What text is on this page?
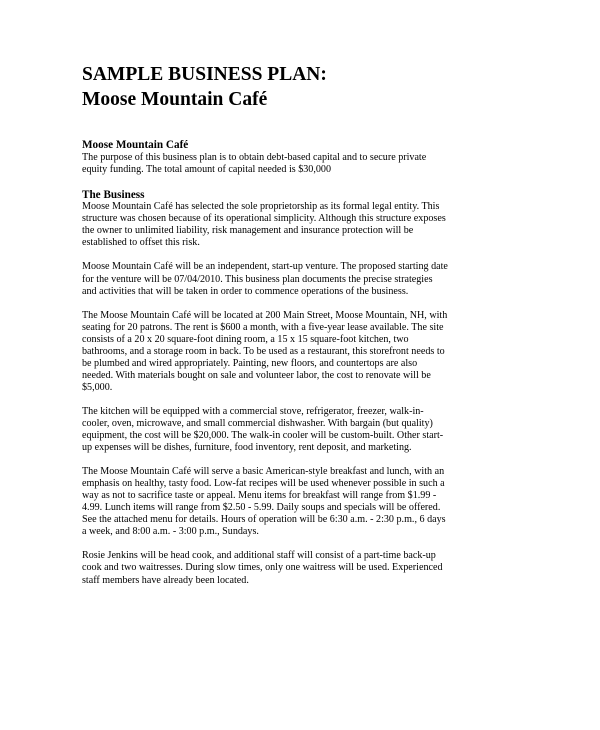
SAMPLE BUSINESS PLAN:
Moose Mountain Café
Moose Mountain Café

The purpose of this business plan is to obtain debt-based capital and to secure private
equity funding. The total amount of capital needed is $30,000

The Business

Moose Mountain Café has selected the sole proprietorship as its formal legal entity. This
structure was chosen because of its operational simplicity. Although this structure exposes
the owner to unlimited liability, risk management and insurance protection will be
established to offset this risk.

Moose Mountain Café will be an independent, start-up venture. The proposed starting date
for the venture will be 07/04/2010. This business plan documents the precise strategies
and activities that will be taken in order to commence operations of the business.

The Moose Mountain Café will be located at 200 Main Street, Moose Mountain, NH, with
seating for 20 patrons. The rent is $600 a month, with a five-year lease available. The site
consists of a 20 x 20 square-foot dining room, a 15 x 15 square-foot kitchen, two
bathrooms, and a storage room in back. To be used as a restaurant, this storefront needs to
be plumbed and wired appropriately. Painting, new floors, and countertops are also
needed. With materials bought on sale and volunteer labor, the cost to renovate will be
$5,000.

The kitchen will be equipped with a commercial stove, refrigerator, freezer, walk-in-
cooler, oven, microwave, and small commercial dishwasher. With bargain (but quality)
equipment, the cost will be $20,000. The walk-in cooler will be custom-built. Other start-
up expenses will be dishes, furniture, food inventory, rent deposit, and marketing.

The Moose Mountain Café will serve a basic American-style breakfast and lunch, with an
emphasis on healthy, tasty food. Low-fat recipes will be used whenever possible in such a
way as not to sacrifice taste or appeal. Menu items for breakfast will range from $1.99 -
4.99. Lunch items will range from $2.50 - 5.99. Daily soups and specials will be offered.
See the attached menu for details. Hours of operation will be 6:30 a.m. - 2:30 p.m., 6 days
a week, and 8:00 a.m. - 3:00 p.m., Sundays.

Rosie Jenkins will be head cook, and additional staff will consist of a part-time back-up
cook and two waitresses. During slow times, only one waitress will be used. Experienced
staff members have already been located.
